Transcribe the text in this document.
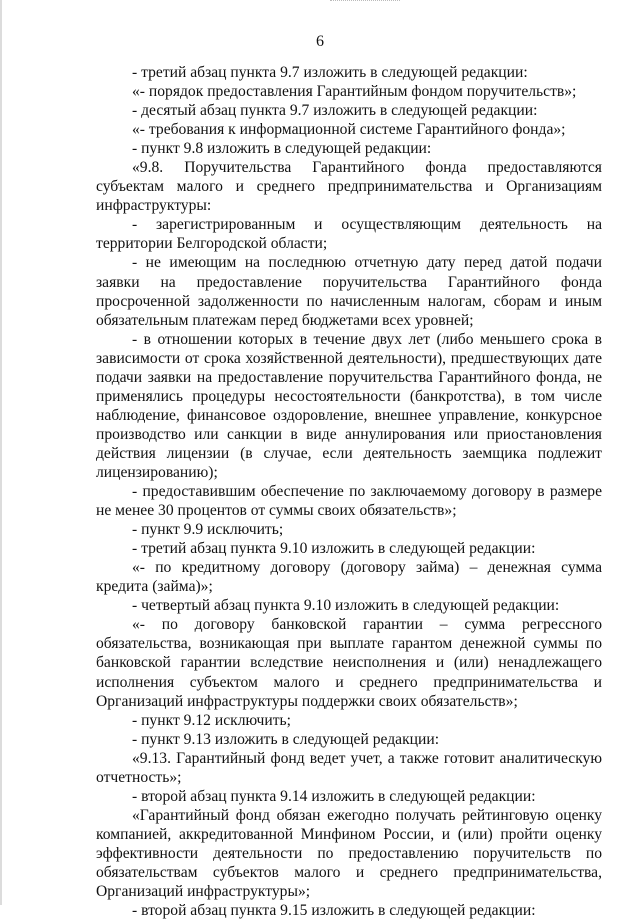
6

- третий абзац пункта 9.7 изложить в следующей редакции:

«- порядок предоставления Гарантийным фондом поручительств»;

- десятый абзац пункта 9.7 изложить в следующей редакции:

«- требования к информационной системе Гарантийного фонда»;

- пункт 9.8 изложить в следующей редакции:

«9.8. Поручительства Гарантийного фонда предоставляются субъектам малого и среднего предпринимательства и Организациям инфраструктуры:

- зарегистрированным и осуществляющим деятельность на территории Белгородской области;

- не имеющим на последнюю отчетную дату перед датой подачи заявки на предоставление поручительства Гарантийного фонда просроченной задолженности по начисленным налогам, сборам и иным обязательным платежам перед бюджетами всех уровней;

- в отношении которых в течение двух лет (либо меньшего срока в зависимости от срока хозяйственной деятельности), предшествующих дате подачи заявки на предоставление поручительства Гарантийного фонда, не применялись процедуры несостоятельности (банкротства), в том числе наблюдение, финансовое оздоровление, внешнее управление, конкурсное производство или санкции в виде аннулирования или приостановления действия лицензии (в случае, если деятельность заемщика подлежит лицензированию);

- предоставившим обеспечение по заключаемому договору в размере не менее 30 процентов от суммы своих обязательств»;

- пункт 9.9 исключить;

- третий абзац пункта 9.10 изложить в следующей редакции:

«- по кредитному договору (договору займа) – денежная сумма кредита (займа)»;

- четвертый абзац пункта 9.10 изложить в следующей редакции:

«- по договору банковской гарантии – сумма регрессного обязательства, возникающая при выплате гарантом денежной суммы по банковской гарантии вследствие неисполнения и (или) ненадлежащего исполнения субъектом малого и среднего предпринимательства и Организаций инфраструктуры поддержки своих обязательств»;

- пункт 9.12 исключить;

- пункт 9.13 изложить в следующей редакции:

«9.13. Гарантийный фонд ведет учет, а также готовит аналитическую отчетность»;

- второй абзац пункта 9.14 изложить в следующей редакции:

«Гарантийный фонд обязан ежегодно получать рейтинговую оценку компанией, аккредитованной Минфином России, и (или) пройти оценку эффективности деятельности по предоставлению поручительств по обязательствам субъектов малого и среднего предпринимательства, Организаций инфраструктуры»;

- второй абзац пункта 9.15 изложить в следующей редакции:
